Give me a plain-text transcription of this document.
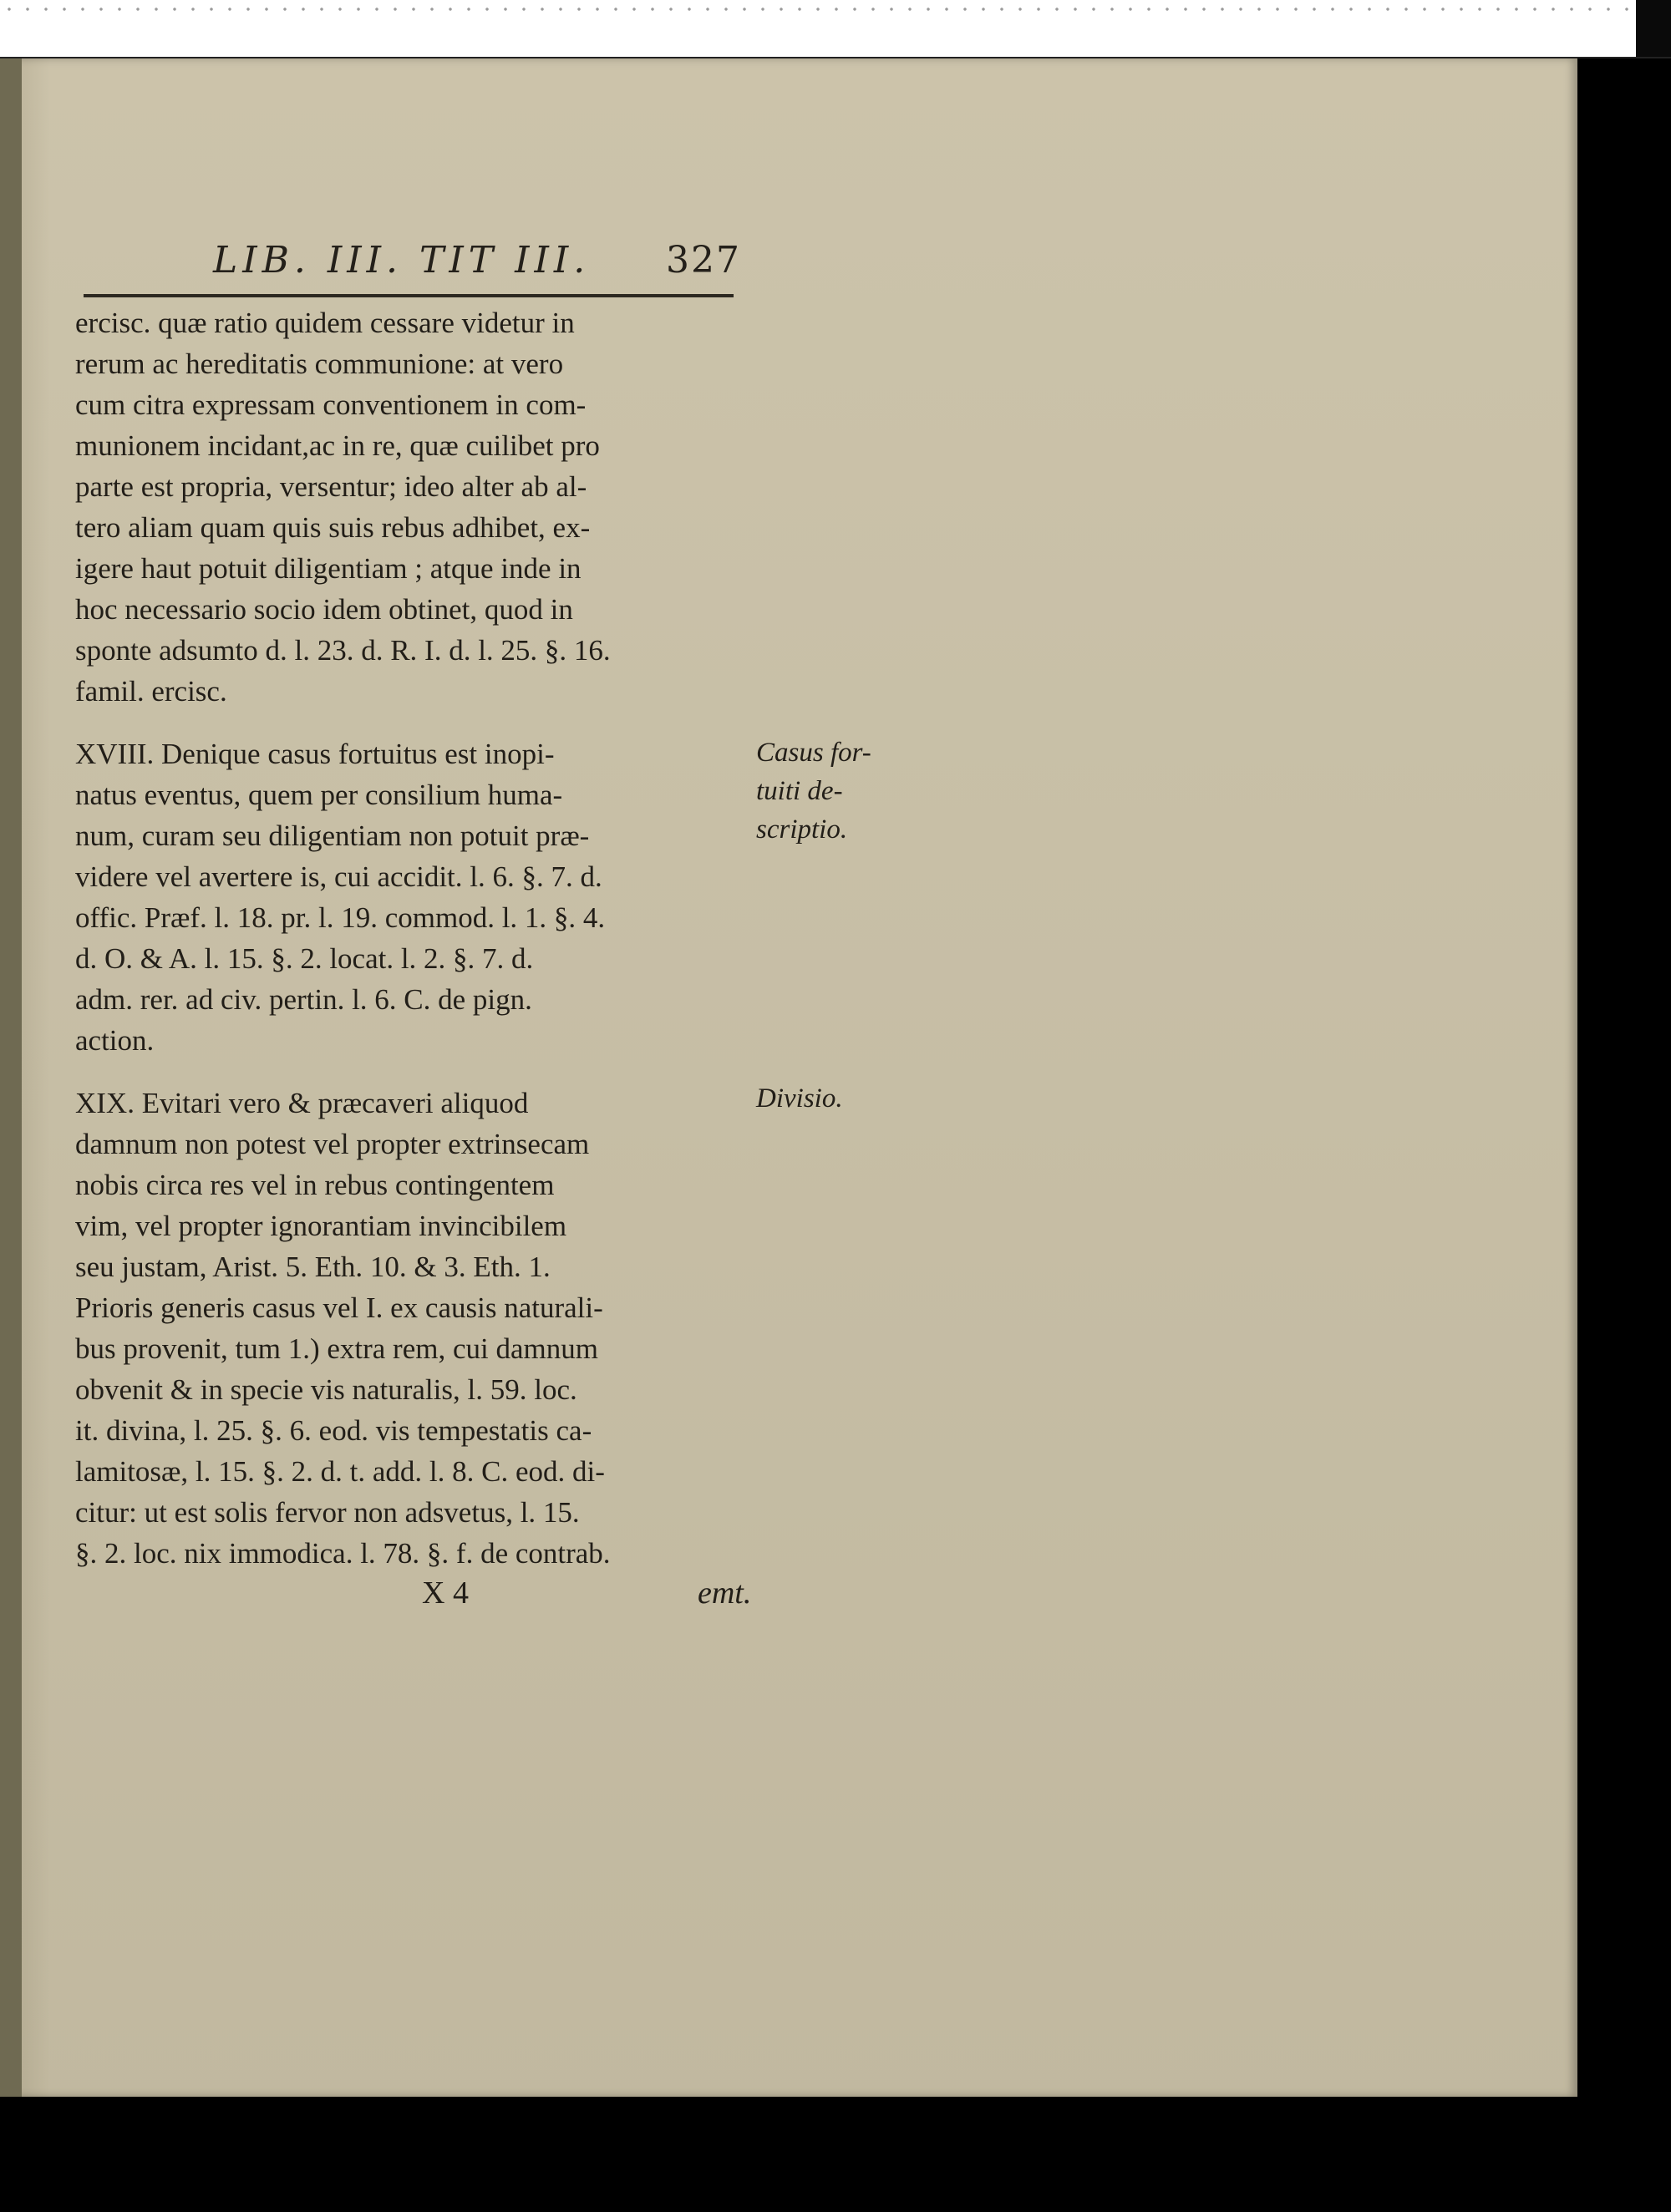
LIB. III. TIT III. 327
ercisc. quæ ratio quidem cessare videtur in
rerum ac hereditatis communione: at vero
cum citra expressam conventionem in com-
munionem incidant,ac in re, quæ cuilibet pro
parte est propria, versentur; ideo alter ab al-
tero aliam quam quis suis rebus adhibet, ex-
igere haut potuit diligentiam ; atque inde in
hoc necessario socio idem obtinet, quod in
sponte adsumto d. l. 23. d. R. I. d. l. 25. §. 16.
famil. ercisc.
XVIII. Denique casus fortuitus est inopi-
natus eventus, quem per consilium huma-
num, curam seu diligentiam non potuit præ-
videre vel avertere is, cui accidit. l. 6. §. 7. d.
offic. Præf. l. 18. pr. l. 19. commod. l. 1. §. 4.
d. O. & A. l. 15. §. 2. locat. l. 2. §. 7. d.
adm. rer. ad civ. pertin. l. 6. C. de pign.
action.
XIX. Evitari vero & præcaveri aliquod
damnum non potest vel propter extrinsecam
nobis circa res vel in rebus contingentem
vim, vel propter ignorantiam invincibilem
seu justam, Arist. 5. Eth. 10. & 3. Eth. 1.
Prioris generis casus vel I. ex causis naturali-
bus provenit, tum 1.) extra rem, cui damnum
obvenit & in specie vis naturalis, l. 59. loc.
it. divina, l. 25. §. 6. eod. vis tempestatis ca-
lamitosæ, l. 15. §. 2. d. t. add. l. 8. C. eod. di-
citur: ut est solis fervor non adsvetus, l. 15.
§. 2. loc. nix immodica. l. 78. §. f. de contrab.
Casus for-
tuiti de-
scriptio.
Divisio.
X 4	emt.
